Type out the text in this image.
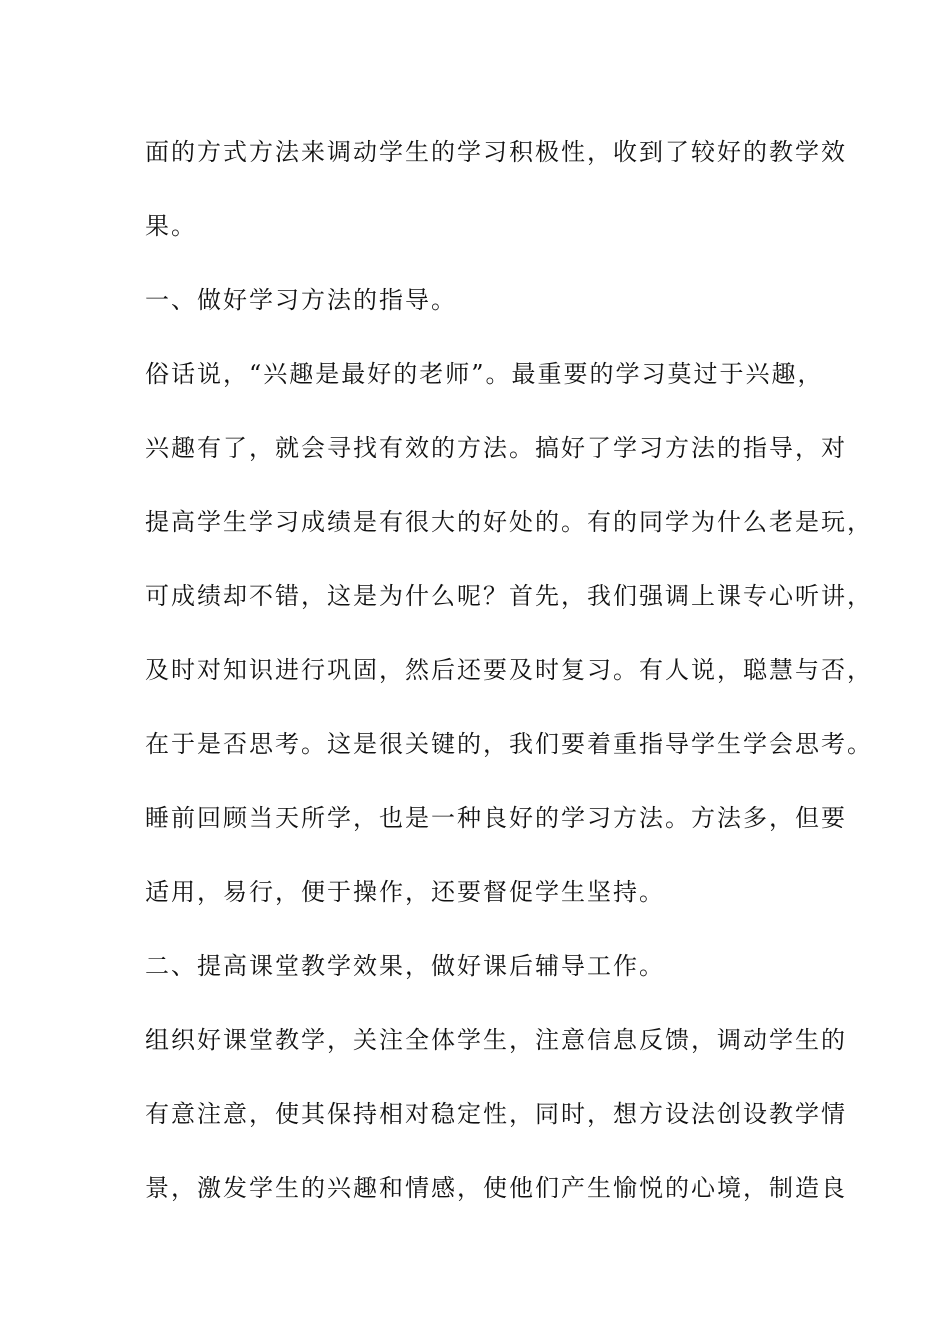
面的方式方法来调动学生的学习积极性，收到了较好的教学效
果。
一、做好学习方法的指导。
俗话说，“兴趣是最好的老师”。最重要的学习莫过于兴趣，
兴趣有了，就会寻找有效的方法。搞好了学习方法的指导，对
提高学生学习成绩是有很大的好处的。有的同学为什么老是玩，
可成绩却不错，这是为什么呢？首先，我们强调上课专心听讲，
及时对知识进行巩固，然后还要及时复习。有人说，聪慧与否，
在于是否思考。这是很关键的，我们要着重指导学生学会思考。
睡前回顾当天所学，也是一种良好的学习方法。方法多，但要
适用，易行，便于操作，还要督促学生坚持。
二、提高课堂教学效果，做好课后辅导工作。
组织好课堂教学，关注全体学生，注意信息反馈，调动学生的
有意注意，使其保持相对稳定性，同时，想方设法创设教学情
景，激发学生的兴趣和情感，使他们产生愉悦的心境，制造良
